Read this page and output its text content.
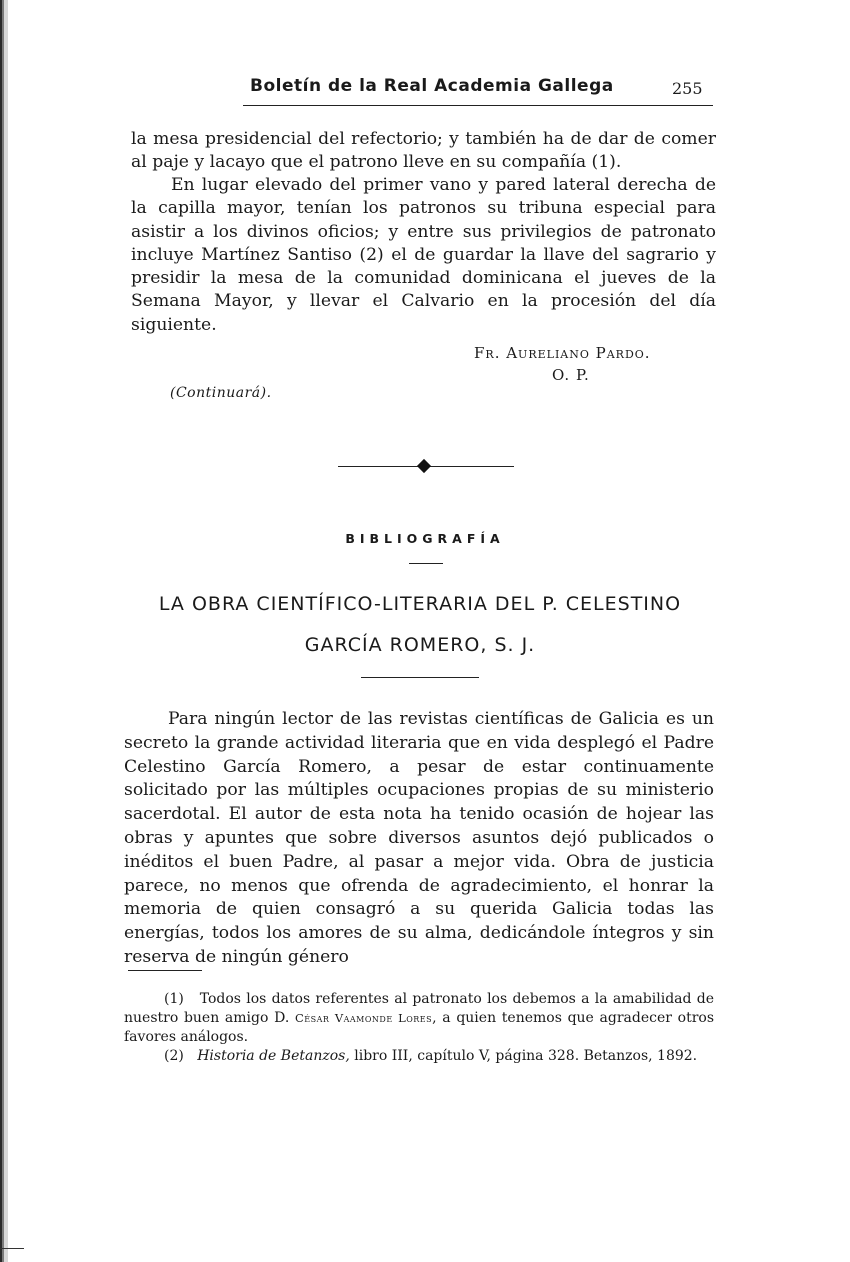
Boletín de la Real Academia Gallega	255

la mesa presidencial del refectorio; y también ha de dar de comer al paje y lacayo que el patrono lleve en su compañía (1).

En lugar elevado del primer vano y pared lateral derecha de la capilla mayor, tenían los patronos su tribuna especial para asistir a los divinos oficios; y entre sus privilegios de patronato incluye Martínez Santiso (2) el de guardar la llave del sagrario y presidir la mesa de la comunidad dominicana el jueves de la Semana Mayor, y llevar el Calvario en la procesión del día siguiente.

Fr. Aureliano Pardo.
O. P.
(Continuará).
BIBLIOGRAFÍA
LA OBRA CIENTÍFICO-LITERARIA DEL P. CELESTINO
GARCÍA ROMERO, S. J.

Para ningún lector de las revistas científicas de Galicia es un secreto la grande actividad literaria que en vida desplegó el Padre Celestino García Romero, a pesar de estar continuamente solicitado por las múltiples ocupaciones propias de su ministerio sacerdotal. El autor de esta nota ha tenido ocasión de hojear las obras y apuntes que sobre diversos asuntos dejó publicados o inéditos el buen Padre, al pasar a mejor vida. Obra de justicia parece, no menos que ofrenda de agradecimiento, el honrar la memoria de quien consagró a su querida Galicia todas las energías, todos los amores de su alma, dedicándole íntegros y sin reserva de ningún género

(1) Todos los datos referentes al patronato los debemos a la amabilidad de nuestro buen amigo D. César Vaamonde Lores, a quien tenemos que agradecer otros favores análogos.

(2) Historia de Betanzos, libro III, capítulo V, página 328. Betanzos, 1892.
